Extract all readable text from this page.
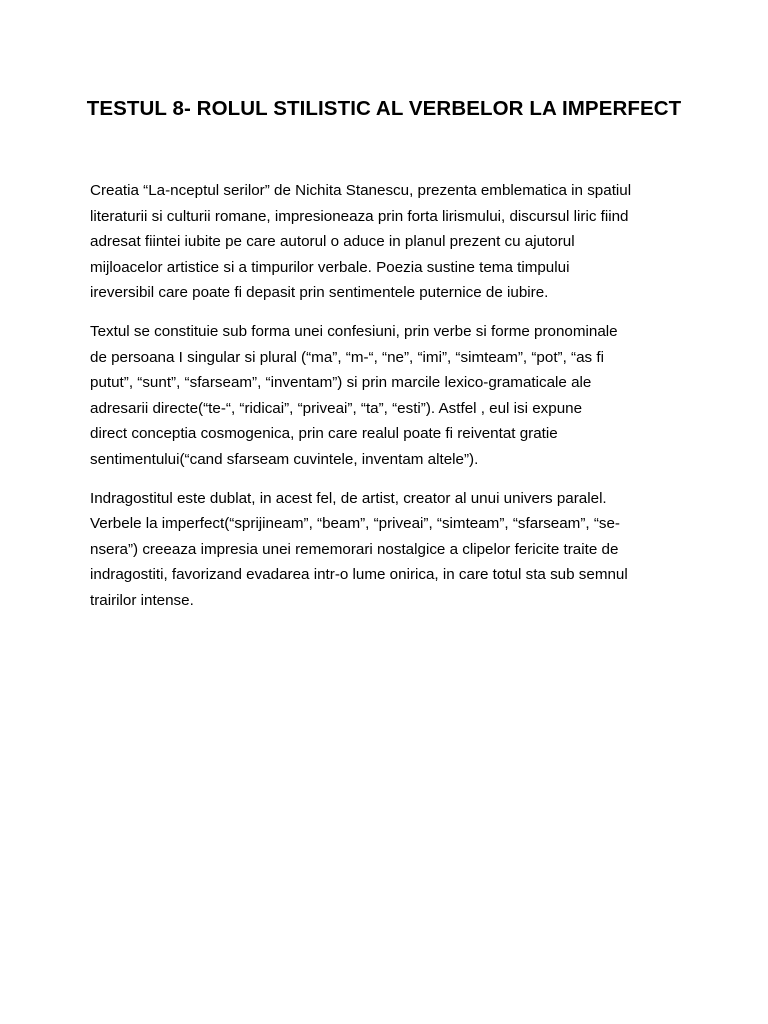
TESTUL 8- ROLUL STILISTIC AL VERBELOR LA IMPERFECT

Creatia “La-nceptul serilor” de Nichita Stanescu, prezenta emblematica in spatiul
literaturii si culturii romane, impresioneaza prin forta lirismului, discursul liric fiind
adresat fiintei iubite pe care autorul o aduce in planul prezent cu ajutorul
mijloacelor artistice si a timpurilor verbale. Poezia sustine tema timpului
ireversibil care poate fi depasit prin sentimentele puternice de iubire.

Textul se constituie sub forma unei confesiuni, prin verbe si forme pronominale
de persoana I singular si plural (“ma”, “m-“, “ne”, “imi”, “simteam”, “pot”, “as fi
putut”, “sunt”, “sfarseam”, “inventam”) si prin marcile lexico-gramaticale ale
adresarii directe(“te-“, “ridicai”, “priveai”, “ta”, “esti”). Astfel , eul isi expune
direct conceptia cosmogenica, prin care realul poate fi reiventat gratie
sentimentului(“cand sfarseam cuvintele, inventam altele”).

Indragostitul este dublat, in acest fel, de artist, creator al unui univers paralel.
Verbele la imperfect(“sprijineam”, “beam”, “priveai”, “simteam”, “sfarseam”, “se-
nsera”) creeaza impresia unei rememorari nostalgice a clipelor fericite traite de
indragostiti, favorizand evadarea intr-o lume onirica, in care totul sta sub semnul
trairilor intense.
